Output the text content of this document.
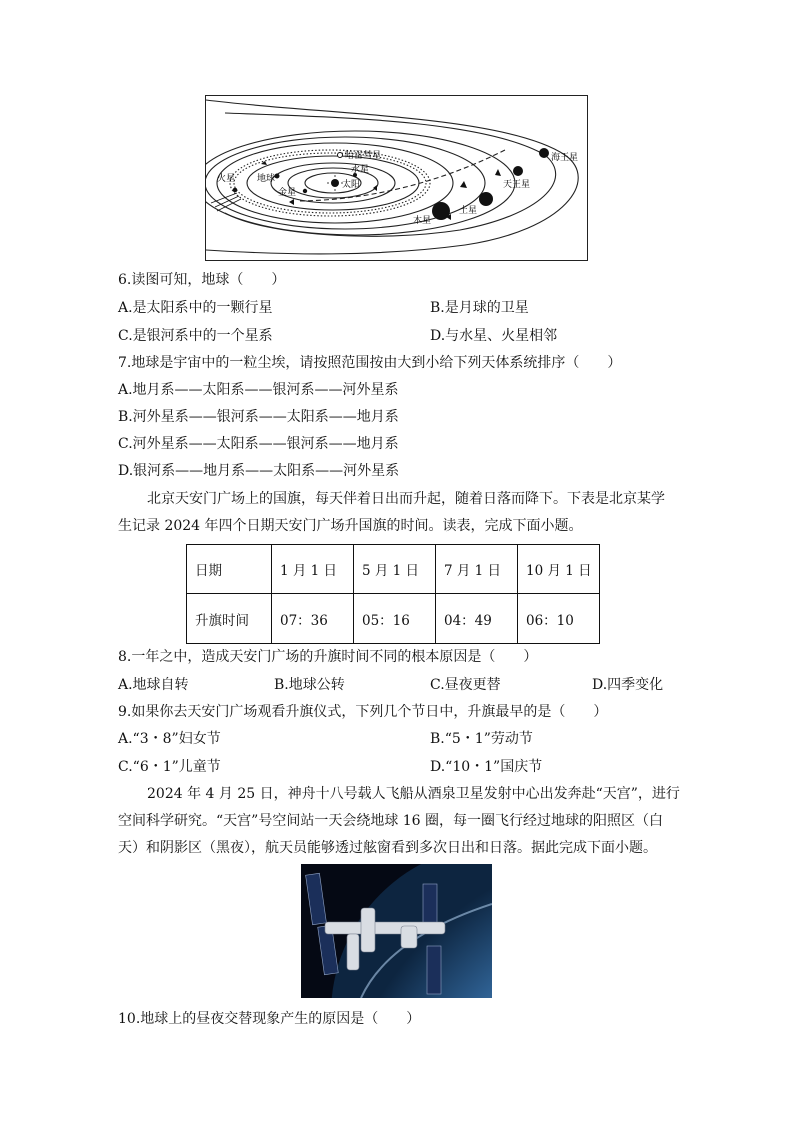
太阳
水星
金星
地球
火星
哈雷彗星
木星
土星
天王星
海王星
6.读图可知，地球（　　）
A.是太阳系中的一颗行星	B.是月球的卫星
C.是银河系中的一个星系	D.与水星、火星相邻
7.地球是宇宙中的一粒尘埃，请按照范围按由大到小给下列天体系统排序（　　）
A.地月系——太阳系——银河系——河外星系
B.河外星系——银河系——太阳系——地月系
C.河外星系——太阳系——银河系——地月系
D.银河系——地月系——太阳系——河外星系
北京天安门广场上的国旗，每天伴着日出而升起，随着日落而降下。下表是北京某学
生记录 2024 年四个日期天安门广场升国旗的时间。读表，完成下面小题。
日期	1 月 1 日	5 月 1 日	7 月 1 日	10 月 1 日
升旗时间	07：36	05：16	04：49	06：10
8.一年之中，造成天安门广场的升旗时间不同的根本原因是（　　）
A.地球自转	B.地球公转	C.昼夜更替	D.四季变化
9.如果你去天安门广场观看升旗仪式，下列几个节日中，升旗最早的是（　　）
A.“3・8”妇女节	B.“5・1”劳动节
C.“6・1”儿童节	D.“10・1”国庆节
2024 年 4 月 25 日，神舟十八号载人飞船从酒泉卫星发射中心出发奔赴“天宫”，进行
空间科学研究。“天宫”号空间站一天会绕地球 16 圈，每一圈飞行经过地球的阳照区（白
天）和阴影区（黑夜），航天员能够透过舷窗看到多次日出和日落。据此完成下面小题。
10.地球上的昼夜交替现象产生的原因是（　　）
